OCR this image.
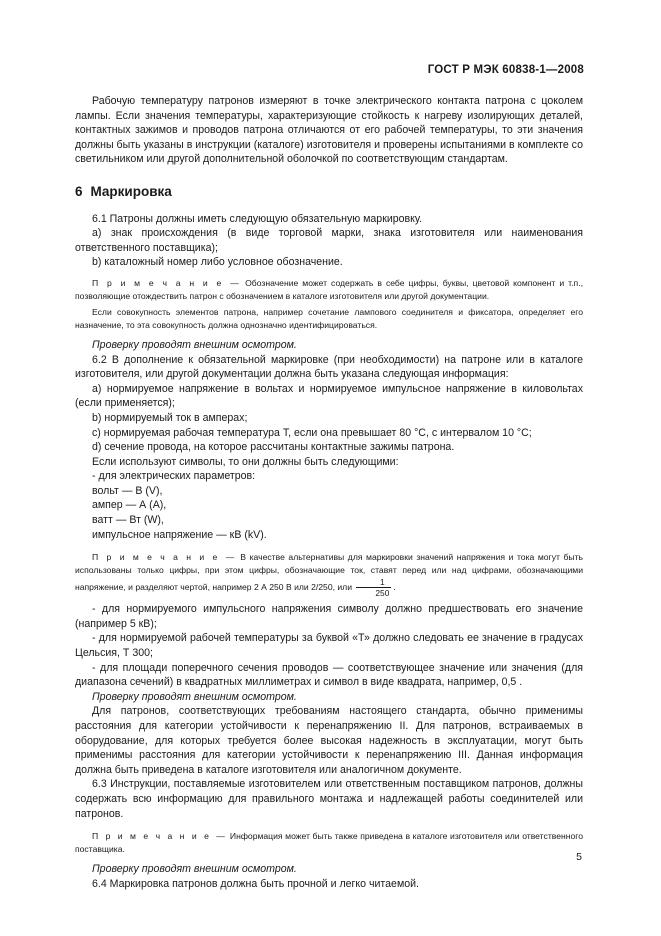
ГОСТ Р МЭК 60838-1—2008

Рабочую температуру патронов измеряют в точке электрического контакта патрона с цоколем лампы. Если значения температуры, характеризующие стойкость к нагреву изолирующих деталей, контактных зажимов и проводов патрона отличаются от его рабочей температуры, то эти значения должны быть указаны в инструкции (каталоге) изготовителя и проверены испытаниями в комплекте со светильником или другой дополнительной оболочкой по соответствующим стандартам.

6 Маркировка

6.1 Патроны должны иметь следующую обязательную маркировку.

a) знак происхождения (в виде торговой марки, знака изготовителя или наименования ответственного поставщика);

b) каталожный номер либо условное обозначение.

П р и м е ч а н и е — Обозначение может содержать в себе цифры, буквы, цветовой компонент и т.п., позволяющие отождествить патрон с обозначением в каталоге изготовителя или другой документации.

Если совокупность элементов патрона, например сочетание лампового соединителя и фиксатора, определяет его назначение, то эта совокупность должна однозначно идентифицироваться.

Проверку проводят внешним осмотром.

6.2 В дополнение к обязательной маркировке (при необходимости) на патроне или в каталоге изготовителя, или другой документации должна быть указана следующая информация:

a) нормируемое напряжение в вольтах и нормируемое импульсное напряжение в киловольтах (если применяется);

b) нормируемый ток в амперах;

c) нормируемая рабочая температура Т, если она превышает 80 °С, с интервалом 10 °С;

d) сечение провода, на которое рассчитаны контактные зажимы патрона.

Если используют символы, то они должны быть следующими:

- для электрических параметров:

вольт — В (V),

ампер — А (А),

ватт — Вт (W),

импульсное напряжение — кВ (kV).

П р и м е ч а н и е — В качестве альтернативы для маркировки значений напряжения и тока могут быть использованы только цифры, при этом цифры, обозначающие ток, ставят перед или над цифрами, обозначающими напряжение, и разделяют чертой, например 2 А 250 В или 2/250, или $\frac{1}{250}$ .

- для нормируемого импульсного напряжения символу должно предшествовать его значение (например 5 кВ);

- для нормируемой рабочей температуры за буквой «Т» должно следовать ее значение в градусах Цельсия, Т 300;

- для площади поперечного сечения проводов — соответствующее значение или значения (для диапазона сечений) в квадратных миллиметрах и символ в виде квадрата, например, 0,5 .

Проверку проводят внешним осмотром.

Для патронов, соответствующих требованиям настоящего стандарта, обычно применимы расстояния для категории устойчивости к перенапряжению II. Для патронов, встраиваемых в оборудование, для которых требуется более высокая надежность в эксплуатации, могут быть применимы расстояния для категории устойчивости к перенапряжению III. Данная информация должна быть приведена в каталоге изготовителя или аналогичном документе.

6.3 Инструкции, поставляемые изготовителем или ответственным поставщиком патронов, должны содержать всю информацию для правильного монтажа и надлежащей работы соединителей или патронов.

П р и м е ч а н и е — Информация может быть также приведена в каталоге изготовителя или ответственного поставщика.

Проверку проводят внешним осмотром.

6.4 Маркировка патронов должна быть прочной и легко читаемой.

5
